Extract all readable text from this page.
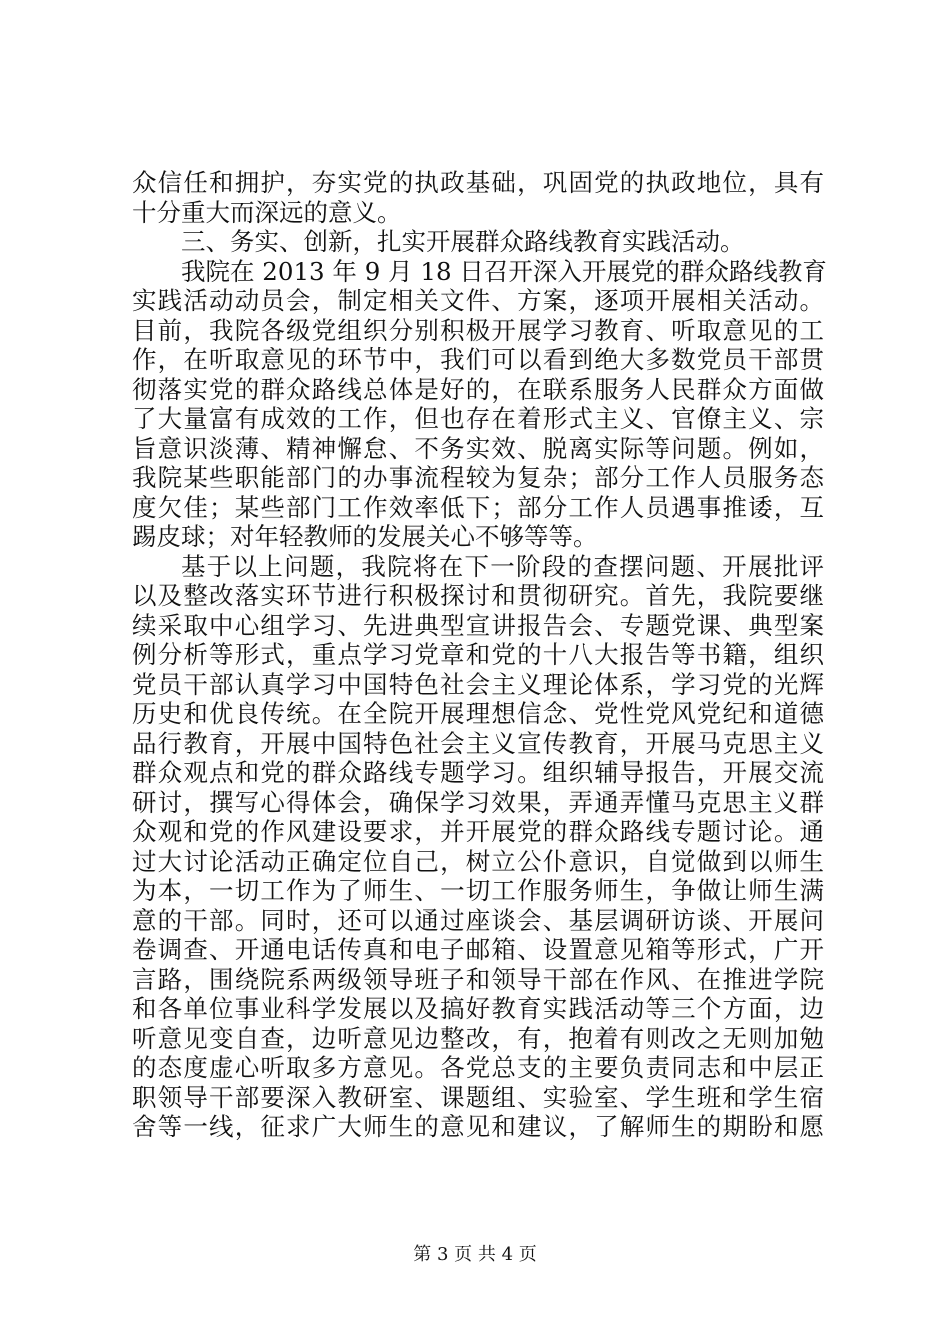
众信任和拥护，夯实党的执政基础，巩固党的执政地位，具有
十分重大而深远的意义。
三、务实、创新，扎实开展群众路线教育实践活动。
我院在 2013 年 9 月 18 日召开深入开展党的群众路线教育
实践活动动员会，制定相关文件、方案，逐项开展相关活动。
目前，我院各级党组织分别积极开展学习教育、听取意见的工
作，在听取意见的环节中，我们可以看到绝大多数党员干部贯
彻落实党的群众路线总体是好的，在联系服务人民群众方面做
了大量富有成效的工作，但也存在着形式主义、官僚主义、宗
旨意识淡薄、精神懈怠、不务实效、脱离实际等问题。例如，
我院某些职能部门的办事流程较为复杂；部分工作人员服务态
度欠佳；某些部门工作效率低下；部分工作人员遇事推诿，互
踢皮球；对年轻教师的发展关心不够等等。
基于以上问题，我院将在下一阶段的查摆问题、开展批评
以及整改落实环节进行积极探讨和贯彻研究。首先，我院要继
续采取中心组学习、先进典型宣讲报告会、专题党课、典型案
例分析等形式，重点学习党章和党的十八大报告等书籍，组织
党员干部认真学习中国特色社会主义理论体系，学习党的光辉
历史和优良传统。在全院开展理想信念、党性党风党纪和道德
品行教育，开展中国特色社会主义宣传教育，开展马克思主义
群众观点和党的群众路线专题学习。组织辅导报告，开展交流
研讨，撰写心得体会，确保学习效果，弄通弄懂马克思主义群
众观和党的作风建设要求，并开展党的群众路线专题讨论。通
过大讨论活动正确定位自己，树立公仆意识，自觉做到以师生
为本，一切工作为了师生、一切工作服务师生，争做让师生满
意的干部。同时，还可以通过座谈会、基层调研访谈、开展问
卷调查、开通电话传真和电子邮箱、设置意见箱等形式，广开
言路，围绕院系两级领导班子和领导干部在作风、在推进学院
和各单位事业科学发展以及搞好教育实践活动等三个方面，边
听意见变自查，边听意见边整改，有，抱着有则改之无则加勉
的态度虚心听取多方意见。各党总支的主要负责同志和中层正
职领导干部要深入教研室、课题组、实验室、学生班和学生宿
舍等一线，征求广大师生的意见和建议，了解师生的期盼和愿
第 3 页 共 4 页
